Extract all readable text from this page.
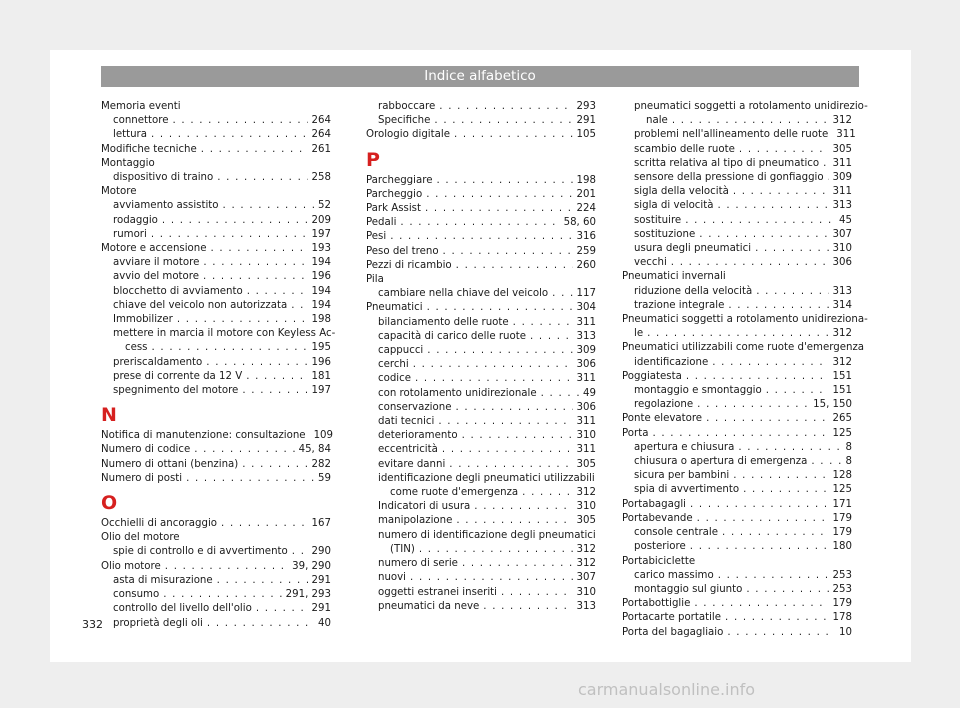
Indice alfabetico
Memoria eventi
connettore . . .	264
lettura . . .	264
Modifiche tecniche . . .	261
Montaggio
dispositivo di traino . . .	258
Motore
avviamento assistito . . .	52
rodaggio . . .	209
rumori . . .	197
Motore e accensione . . .	193
avviare il motore . . .	194
avvio del motore . . .	196
blocchetto di avviamento . . .	194
chiave del veicolo non autorizzata . . . 194
Immobilizer . . .	198
mettere in marcia il motore con Keyless Ac-
cess . . .	195
preriscaldamento . . .	196
prese di corrente da 12 V . . .	181
spegnimento del motore . . .	197
N
Notifica di manutenzione: consultazione 109
Numero di codice . . .	45, 84
Numero di ottani (benzina) . . .	282
Numero di posti . . .	59
O
Occhielli di ancoraggio . . .	167
Olio del motore
spie di controllo e di avvertimento . . . 290
Olio motore . . .	39, 290
asta di misurazione . . .	291
consumo . . .	291, 293
controllo del livello dell'olio . . .	291
proprietà degli oli . . .	40
rabboccare . . .	293
Specifiche . . .	291
Orologio digitale . . .	105
P
Parcheggiare . . .	198
Parcheggio . . .	201
Park Assist . . .	224
Pedali . . .	58, 60
Pesi . . .	316
Peso del treno . . .	259
Pezzi di ricambio . . .	260
Pila
cambiare nella chiave del veicolo . . .	117
Pneumatici . . .	304
bilanciamento delle ruote . . .	311
capacità di carico delle ruote . . .	313
cappucci . . .	309
cerchi . . .	306
codice . . .	311
con rotolamento unidirezionale . . .	49
conservazione . . .	306
dati tecnici . . .	311
deterioramento . . .	310
eccentricità . . .	311
evitare danni . . .	305
identificazione degli pneumatici utilizzabili
come ruote d'emergenza . . .	312
Indicatori di usura . . .	310
manipolazione . . .	305
numero di identificazione degli pneumatici
(TIN) . . .	312
numero di serie . . .	312
nuovi . . .	307
oggetti estranei inseriti . . .	310
pneumatici da neve . . .	313
pneumatici soggetti a rotolamento unidirezio-
nale . . .	312
problemi nell'allineamento delle ruote 311
scambio delle ruote . . .	305
scritta relativa al tipo di pneumatico . . . 311
sensore della pressione di gonfiaggio . . . 309
sigla della velocità . . .	311
sigla di velocità . . .	313
sostituire . . .	45
sostituzione . . .	307
usura degli pneumatici . . .	310
vecchi . . .	306
Pneumatici invernali
riduzione della velocità . . .	313
trazione integrale . . .	314
Pneumatici soggetti a rotolamento unidireziona-
le . . .	312
Pneumatici utilizzabili come ruote d'emergenza
identificazione . . .	312
Poggiatesta . . .	151
montaggio e smontaggio . . .	151
regolazione . . .	15, 150
Ponte elevatore . . .	265
Porta . . .	125
apertura e chiusura . . .	8
chiusura o apertura di emergenza . . .	8
sicura per bambini . . .	128
spia di avvertimento . . .	125
Portabagagli . . .	171
Portabevande . . .	179
console centrale . . .	179
posteriore . . .	180
Portabiciclette
carico massimo . . .	253
montaggio sul giunto . . .	253
Portabottiglie . . .	179
Portacarte portatile . . .	178
Porta del bagagliaio . . .	10
332
carmanualsonline.info
